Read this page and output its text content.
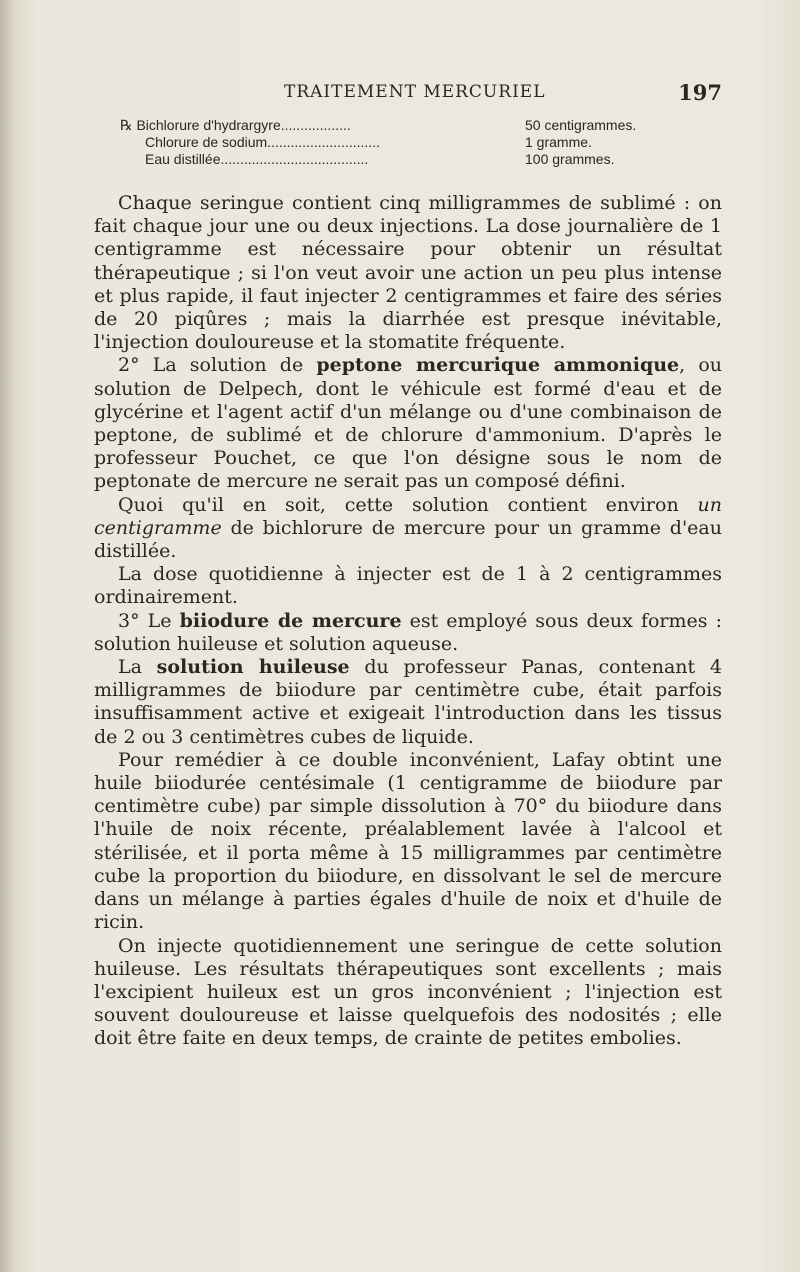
TRAITEMENT MERCURIEL	197
℞ Bichlorure d'hydrargyre..................	50 centigrammes.
Chlorure de sodium.............................	1 gramme.
Eau distillée......................................	100 grammes.

Chaque seringue contient cinq milligrammes de sublimé : on fait chaque jour une ou deux injections. La dose journalière de 1 centigramme est nécessaire pour obtenir un résultat thérapeutique ; si l'on veut avoir une action un peu plus intense et plus rapide, il faut injecter 2 centigrammes et faire des séries de 20 piqûres ; mais la diarrhée est presque inévitable, l'injection douloureuse et la stomatite fréquente.

2° La solution de peptone mercurique ammonique, ou solution de Delpech, dont le véhicule est formé d'eau et de glycérine et l'agent actif d'un mélange ou d'une combinaison de peptone, de sublimé et de chlorure d'ammonium. D'après le professeur Pouchet, ce que l'on désigne sous le nom de peptonate de mercure ne serait pas un composé défini.

Quoi qu'il en soit, cette solution contient environ un centigramme de bichlorure de mercure pour un gramme d'eau distillée.

La dose quotidienne à injecter est de 1 à 2 centigrammes ordinairement.

3° Le biiodure de mercure est employé sous deux formes : solution huileuse et solution aqueuse.

La solution huileuse du professeur Panas, contenant 4 milligrammes de biiodure par centimètre cube, était parfois insuffisamment active et exigeait l'introduction dans les tissus de 2 ou 3 centimètres cubes de liquide.

Pour remédier à ce double inconvénient, Lafay obtint une huile biiodurée centésimale (1 centigramme de biiodure par centimètre cube) par simple dissolution à 70° du biiodure dans l'huile de noix récente, préalablement lavée à l'alcool et stérilisée, et il porta même à 15 milligrammes par centimètre cube la proportion du biiodure, en dissolvant le sel de mercure dans un mélange à parties égales d'huile de noix et d'huile de ricin.

On injecte quotidiennement une seringue de cette solution huileuse. Les résultats thérapeutiques sont excellents ; mais l'excipient huileux est un gros inconvénient ; l'injection est souvent douloureuse et laisse quelquefois des nodosités ; elle doit être faite en deux temps, de crainte de petites embolies.
